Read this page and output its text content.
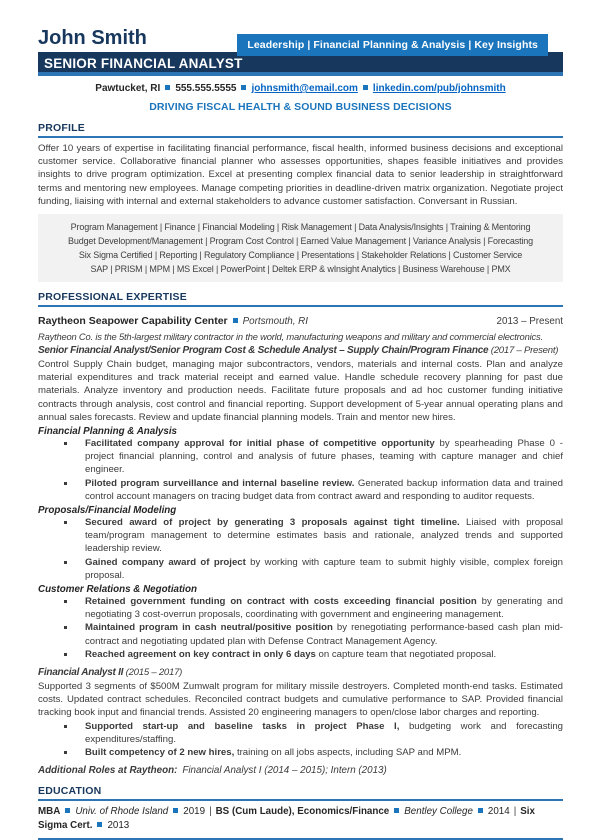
John Smith	Leadership | Financial Planning & Analysis | Key Insights
SENIOR FINANCIAL ANALYST
Pawtucket, RI 555.555.5555 johnsmith@email.com linkedin.com/pub/johnsmith
DRIVING FISCAL HEALTH & SOUND BUSINESS DECISIONS
PROFILE
Offer 10 years of expertise in facilitating financial performance, fiscal health, informed business decisions and exceptional customer service. Collaborative financial planner who assesses opportunities, shapes feasible initiatives and provides insights to drive program optimization. Excel at presenting complex financial data to senior leadership in straightforward terms and mentoring new employees. Manage competing priorities in deadline-driven matrix organization. Negotiate project funding, liaising with internal and external stakeholders to advance customer satisfaction. Conversant in Russian.
Program Management | Finance | Financial Modeling | Risk Management | Data Analysis/Insights | Training & Mentoring
Budget Development/Management | Program Cost Control | Earned Value Management | Variance Analysis | Forecasting
Six Sigma Certified | Reporting | Regulatory Compliance | Presentations | Stakeholder Relations | Customer Service
SAP | PRISM | MPM | MS Excel | PowerPoint | Deltek ERP & wInsight Analytics | Business Warehouse | PMX
PROFESSIONAL EXPERTISE
Raytheon Seapower Capability Center Portsmouth, RI	2013 – Present
Raytheon Co. is the 5th-largest military contractor in the world, manufacturing weapons and military and commercial electronics.
Senior Financial Analyst/Senior Program Cost & Schedule Analyst – Supply Chain/Program Finance (2017 – Present)
Control Supply Chain budget, managing major subcontractors, vendors, materials and internal costs. Plan and analyze material expenditures and track material receipt and earned value. Handle schedule recovery planning for past due materials. Analyze inventory and production needs. Facilitate future proposals and ad hoc customer funding initiative contracts through analysis, cost control and financial reporting. Support development of 5-year annual operating plans and annual sales forecasts. Review and update financial planning models. Train and mentor new hires.
Financial Planning & Analysis
Facilitated company approval for initial phase of competitive opportunity by spearheading Phase 0 - project financial planning, control and analysis of future phases, teaming with capture manager and chief engineer.
Piloted program surveillance and internal baseline review. Generated backup information data and trained control account managers on tracing budget data from contract award and responding to auditor requests.
Proposals/Financial Modeling
Secured award of project by generating 3 proposals against tight timeline. Liaised with proposal team/program management to determine estimates basis and rationale, analyzed trends and supported leadership review.
Gained company award of project by working with capture team to submit highly visible, complex foreign proposal.
Customer Relations & Negotiation
Retained government funding on contract with costs exceeding financial position by generating and negotiating 3 cost-overrun proposals, coordinating with government and engineering management.
Maintained program in cash neutral/positive position by renegotiating performance-based cash plan mid-contract and negotiating updated plan with Defense Contract Management Agency.
Reached agreement on key contract in only 6 days on capture team that negotiated proposal.
Financial Analyst II (2015 – 2017)
Supported 3 segments of $500M Zumwalt program for military missile destroyers. Completed month-end tasks. Estimated costs. Updated contract schedules. Reconciled contract budgets and cumulative performance to SAP. Provided financial tracking book input and financial trends. Assisted 20 engineering managers to open/close labor charges and reporting.
Supported start-up and baseline tasks in project Phase I, budgeting work and forecasting expenditures/staffing.
Built competency of 2 new hires, training on all jobs aspects, including SAP and MPM.
Additional Roles at Raytheon: Financial Analyst I (2014 – 2015); Intern (2013)
EDUCATION
MBA Univ. of Rhode Island 2019 | BS (Cum Laude), Economics/Finance Bentley College 2014 | Six Sigma Cert. 2013
